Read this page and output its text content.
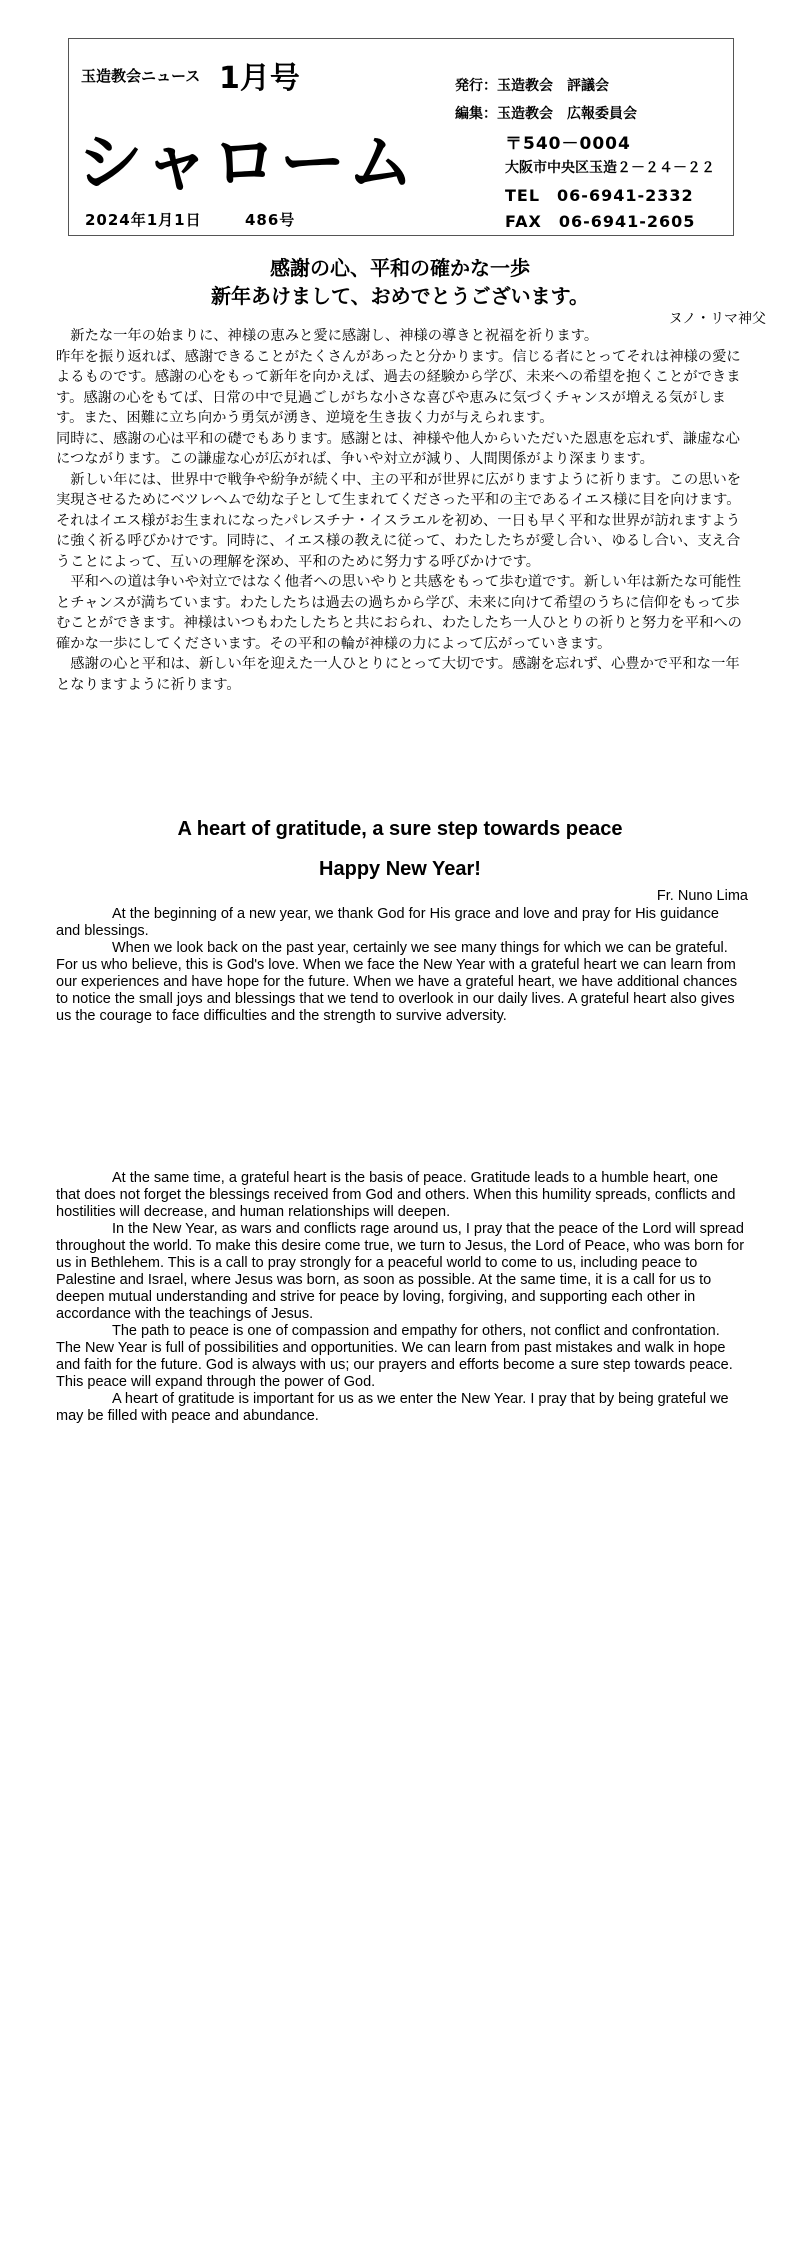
玉造教会ニュース 1月号
シャローム
2024年1月1日	486号
発行：玉造教会　評議会
編集：玉造教会　広報委員会
〒540－0004
大阪市中央区玉造２－２４－２２
TEL　06-6941-2332
FAX　06-6941-2605
感謝の心、平和の確かな一歩
新年あけまして、おめでとうございます。
ヌノ・リマ神父

　新たな一年の始まりに、神様の恵みと愛に感謝し、神様の導きと祝福を祈ります。

昨年を振り返れば、感謝できることがたくさんがあったと分かります。信じる者にとってそれは神様の愛によるものです。感謝の心をもって新年を向かえば、過去の経験から学び、未来への希望を抱くことができます。感謝の心をもてば、日常の中で見過ごしがちな小さな喜びや恵みに気づくチャンスが増える気がします。また、困難に立ち向かう勇気が湧き、逆境を生き抜く力が与えられます。

同時に、感謝の心は平和の礎でもあります。感謝とは、神様や他人からいただいた恩恵を忘れず、謙虚な心につながります。この謙虚な心が広がれば、争いや対立が減り、人間関係がより深まります。

　新しい年には、世界中で戦争や紛争が続く中、主の平和が世界に広がりますように祈ります。この思いを実現させるためにベツレヘムで幼な子として生まれてくださった平和の主であるイエス様に目を向けます。それはイエス様がお生まれになったパレスチナ・イスラエルを初め、一日も早く平和な世界が訪れますように強く祈る呼びかけです。同時に、イエス様の教えに従って、わたしたちが愛し合い、ゆるし合い、支え合うことによって、互いの理解を深め、平和のために努力する呼びかけです。

　平和への道は争いや対立ではなく他者への思いやりと共感をもって歩む道です。新しい年は新たな可能性とチャンスが満ちています。わたしたちは過去の過ちから学び、未来に向けて希望のうちに信仰をもって歩むことができます。神様はいつもわたしたちと共におられ、わたしたち一人ひとりの祈りと努力を平和への確かな一歩にしてくださいます。その平和の輪が神様の力によって広がっていきます。

　感謝の心と平和は、新しい年を迎えた一人ひとりにとって大切です。感謝を忘れず、心豊かで平和な一年となりますように祈ります。

A heart of gratitude, a sure step towards peace
Happy New Year!
Fr. Nuno Lima

At the beginning of a new year, we thank God for His grace and love and pray for His guidance and blessings.

When we look back on the past year, certainly we see many things for which we can be grateful. For us who believe, this is God's love. When we face the New Year with a grateful heart we can learn from our experiences and have hope for the future. When we have a grateful heart, we have additional chances to notice the small joys and blessings that we tend to overlook in our daily lives. A grateful heart also gives us the courage to face difficulties and the strength to survive adversity.

At the same time, a grateful heart is the basis of peace. Gratitude leads to a humble heart, one that does not forget the blessings received from God and others. When this humility spreads, conflicts and hostilities will decrease, and human relationships will deepen.

In the New Year, as wars and conflicts rage around us, I pray that the peace of the Lord will spread throughout the world. To make this desire come true, we turn to Jesus, the Lord of Peace, who was born for us in Bethlehem. This is a call to pray strongly for a peaceful world to come to us, including peace to Palestine and Israel, where Jesus was born, as soon as possible. At the same time, it is a call for us to deepen mutual understanding and strive for peace by loving, forgiving, and supporting each other in accordance with the teachings of Jesus.

The path to peace is one of compassion and empathy for others, not conflict and confrontation. The New Year is full of possibilities and opportunities. We can learn from past mistakes and walk in hope and faith for the future. God is always with us; our prayers and efforts become a sure step towards peace. This peace will expand through the power of God.

A heart of gratitude is important for us as we enter the New Year. I pray that by being grateful we may be filled with peace and abundance.
